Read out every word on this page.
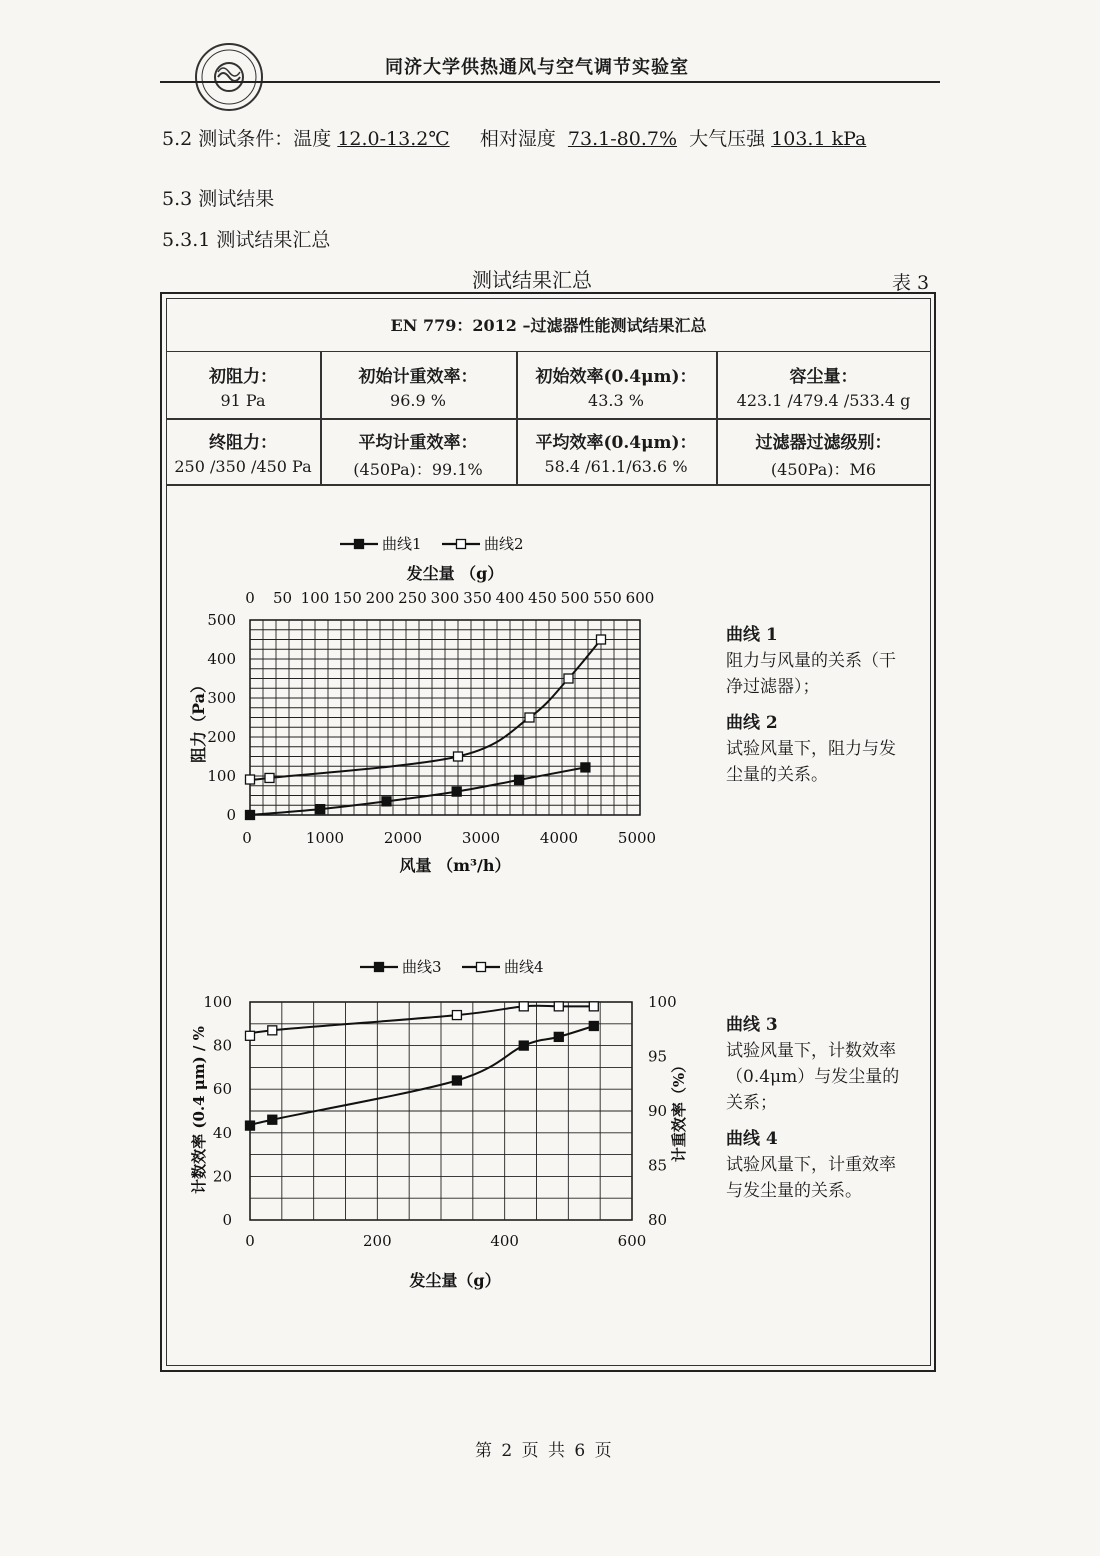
同济大学供热通风与空气调节实验室
5.2 测试条件：温度 12.0-13.2℃ 相对湿度 73.1-80.7% 大气压强 103.1 kPa
5.3 测试结果
5.3.1 测试结果汇总
测试结果汇总	表 3
EN 779：2012 –过滤器性能测试结果汇总
初阻力：
91 Pa
初始计重效率：
96.9 %
初始效率(0.4μm)：
43.3 %
容尘量：
423.1 /479.4 /533.4 g
终阻力：
250 /350 /450 Pa
平均计重效率：
(450Pa)：99.1%
平均效率(0.4μm)：
58.4 /61.1/63.6 %
过滤器过滤级别：
(450Pa)：M6
0 50 100 150 200 250 300 350 400 450 500 550 600
0	1000	2000	3000	4000	5000
0
100
200
300
400
500
曲线1	曲线2
发尘量 （g）
风量 （m³/h）
阻力（Pa）
0	200	400	600
0
20
40
60
80
100
80
85
90
95
100
曲线3	曲线4
发尘量（g）
计数效率 (0.4 μm) / %	计重效率（%）
曲线 1
阻力与风量的关系（干
净过滤器）；
曲线 2
试验风量下，阻力与发
尘量的关系。
曲线 3
试验风量下，计数效率
（0.4μm）与发尘量的
关系；
曲线 4
试验风量下，计重效率
与发尘量的关系。
第 2 页 共 6 页
